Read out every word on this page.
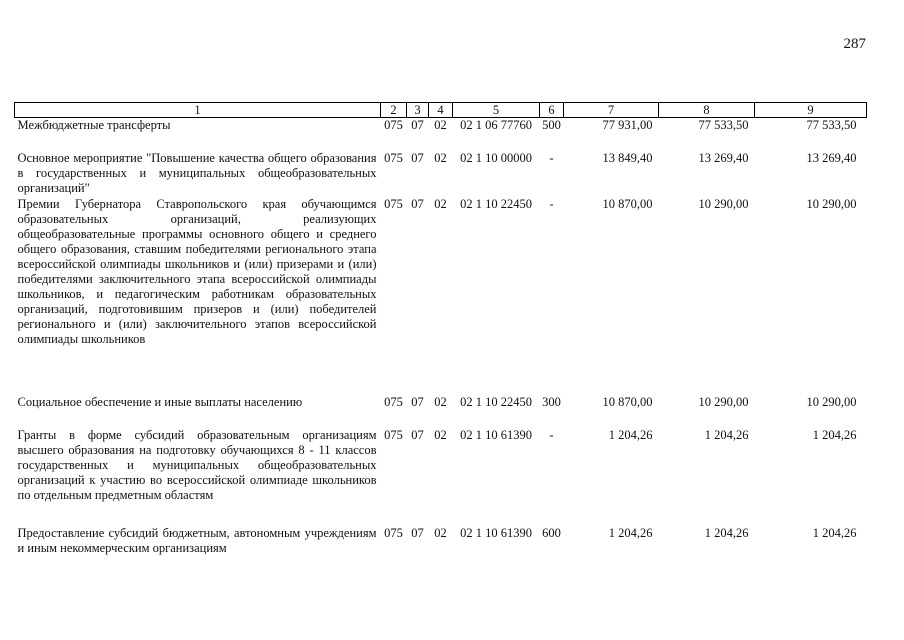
287
1	2	3	4	5	6	7	8	9
Межбюджетные трансферты	075	07	02	02 1 06 77760	500	77 931,00	77 533,50	77 533,50
Основное мероприятие "Повышение качества общего образования в государственных и муниципальных общеобразовательных организаций"	075	07	02	02 1 10 00000	-	13 849,40	13 269,40	13 269,40
Премии Губернатора Ставропольского края обучающимся образовательных организаций, реализующих общеобразовательные программы основного общего и среднего общего образования, ставшим победителями регионального этапа всероссийской олимпиады школьников и (или) призерами и (или) победителями заключительного этапа всероссийской олимпиады школьников, и педагогическим работникам образовательных организаций, подготовившим призеров и (или) победителей регионального и (или) заключительного этапов всероссийской олимпиады школьников	075	07	02	02 1 10 22450	-	10 870,00	10 290,00	10 290,00
Социальное обеспечение и иные выплаты населению	075	07	02	02 1 10 22450	300	10 870,00	10 290,00	10 290,00
Гранты в форме субсидий образовательным организациям высшего образования на подготовку обучающихся 8 - 11 классов государственных и муниципальных общеобразовательных организаций к участию во всероссийской олимпиаде школьников по отдельным предметным областям	075	07	02	02 1 10 61390	-	1 204,26	1 204,26	1 204,26
Предоставление субсидий бюджетным, автономным учреждениям и иным некоммерческим организациям	075	07	02	02 1 10 61390	600	1 204,26	1 204,26	1 204,26
